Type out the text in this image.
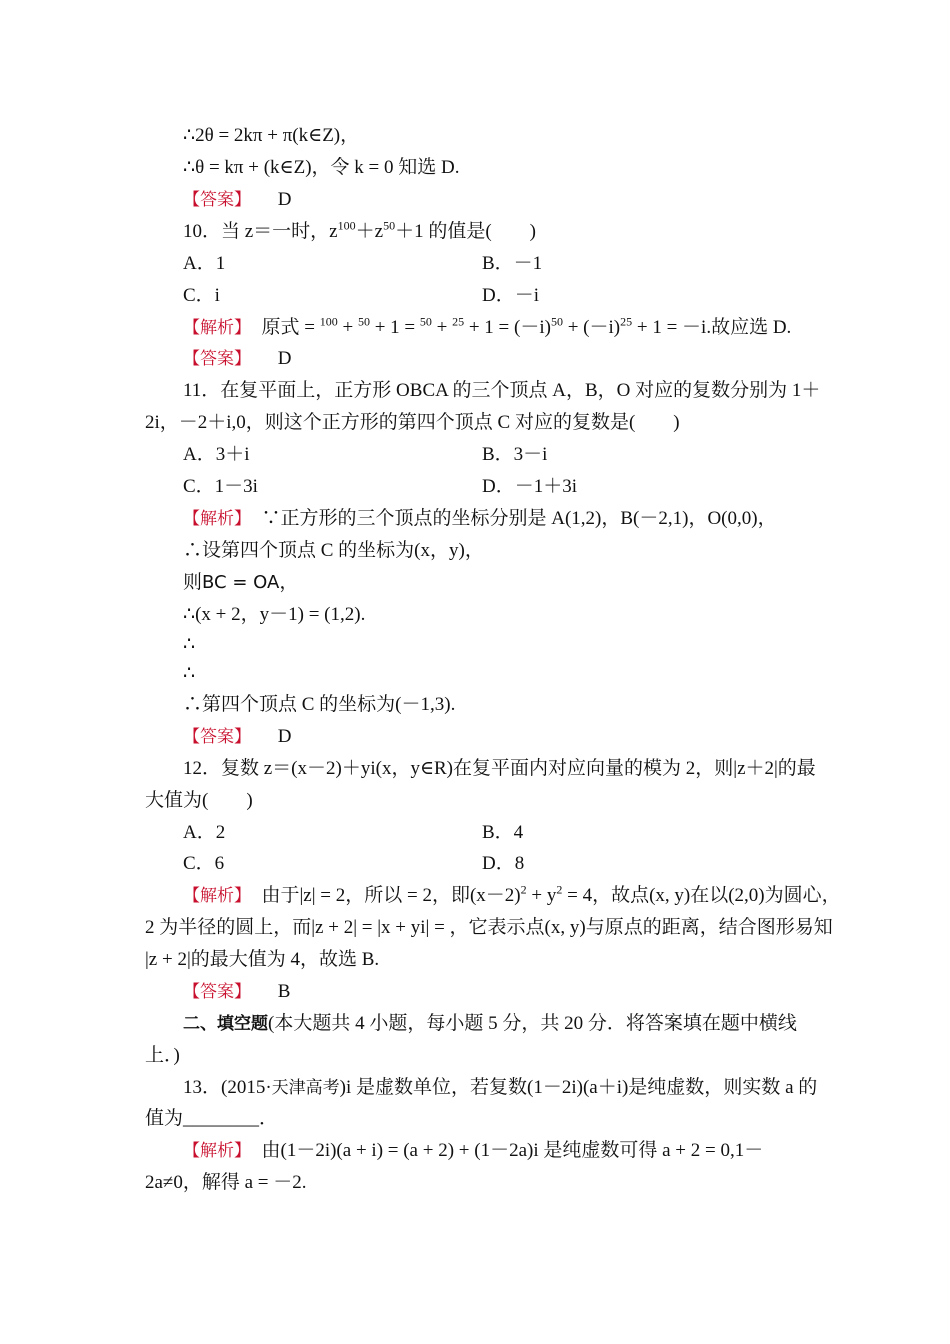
∴2θ = 2kπ + π(k∈Z)，
∴θ = kπ + (k∈Z)，令 k = 0 知选 D.
【答案】 D
10．当 z＝一时，$z^{100}+z^{50}+1$ 的值是(　　)
A．1	B．－1
C．i	D．－i
【解析】　原式 = $^{100} + ^{50} + 1 = ^{50} + ^{25} + 1 = (-i)^{50} + (-i)^{25} + 1 = -i$.故应选 D.
【答案】 D
11．在复平面上，正方形 OBCA 的三个顶点 A，B，O 对应的复数分别为 1＋
2i，－2＋i,0，则这个正方形的第四个顶点 C 对应的复数是(　　)
A．3＋i	B．3－i
C．1－3i	D．－1＋3i
【解析】　∵正方形的三个顶点的坐标分别是 A(1,2)，B(－2,1)，O(0,0)，
∴设第四个顶点 C 的坐标为(x，y)，
则BC = OA，
∴(x + 2，y－1) = (1,2).
∴
∴
∴第四个顶点 C 的坐标为(－1,3).
【答案】 D
12．复数 z＝(x－2)＋yi(x，y∈R)在复平面内对应向量的模为 2，则|z＋2|的最
大值为(　　)
A．2	B．4
C．6	D．8
【解析】　由于|z| = 2，所以 = 2，即$(x-2)^2 + y^2 = 4$，故点(x, y)在以(2,0)为圆心，
2 为半径的圆上，而|z + 2| = |x + yi| = ，它表示点(x, y)与原点的距离，结合图形易知
|z + 2|的最大值为 4，故选 B.
【答案】 B
二、填空题(本大题共 4 小题，每小题 5 分，共 20 分．将答案填在题中横线
上．)
13．(2015·天津高考)i 是虚数单位，若复数(1－2i)(a＋i)是纯虚数，则实数 a 的
值为________．
【解析】　由(1－2i)(a + i) = (a + 2) + (1－2a)i 是纯虚数可得 a + 2 = 0,1－
2a≠0，解得 a = －2.
